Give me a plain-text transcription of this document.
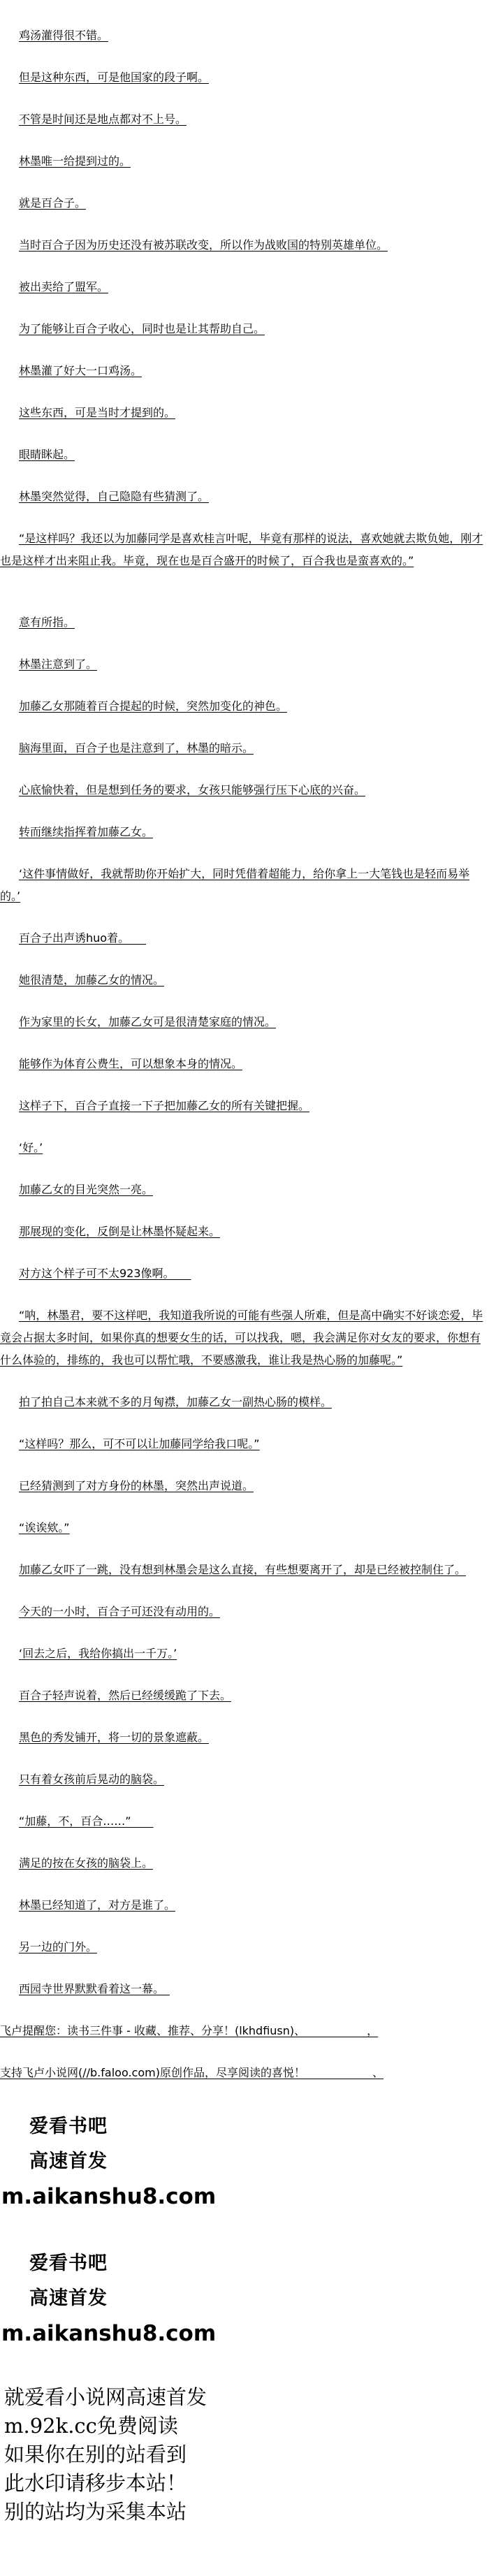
鸡汤灌得很不错。

但是这种东西，可是他国家的段子啊。

不管是时间还是地点都对不上号。

林墨唯一给提到过的。

就是百合子。

当时百合子因为历史还没有被苏联改变，所以作为战败国的特别英雄单位。

被出卖给了盟军。

为了能够让百合子收心，同时也是让其帮助自己。

林墨灌了好大一口鸡汤。

这些东西，可是当时才提到的。

眼睛眯起。

林墨突然觉得，自己隐隐有些猜测了。

“是这样吗？我还以为加藤同学是喜欢桂言叶呢，毕竟有那样的说法，喜欢她就去欺负她，刚才也是这样才出来阻止我。毕竟，现在也是百合盛开的时候了，百合我也是蛮喜欢的。”

意有所指。

林墨注意到了。

加藤乙女那随着百合提起的时候，突然加变化的神色。

脑海里面，百合子也是注意到了，林墨的暗示。

心底愉快着，但是想到任务的要求，女孩只能够强行压下心底的兴奋。

转而继续指挥着加藤乙女。

‘这件事情做好，我就帮助你开始扩大，同时凭借着超能力，给你拿上一大笔钱也是轻而易举的。’

百合子出声诱huo着。　　

她很清楚，加藤乙女的情况。

作为家里的长女，加藤乙女可是很清楚家庭的情况。

能够作为体育公费生，可以想象本身的情况。

这样子下，百合子直接一下子把加藤乙女的所有关键把握。

‘好。’

加藤乙女的目光突然一亮。

那展现的变化，反倒是让林墨怀疑起来。

对方这个样子可不太923像啊。　　

“呐，林墨君，要不这样吧，我知道我所说的可能有些强人所难，但是高中确实不好谈恋爱，毕竟会占据太多时间，如果你真的想要女生的话，可以找我，嗯，我会满足你对女友的要求，你想有什么体验的，排练的，我也可以帮忙哦，不要感激我，谁让我是热心肠的加藤呢。”

拍了拍自己本来就不多的月匈襟，加藤乙女一副热心肠的模样。

“这样吗？那么，可不可以让加藤同学给我口呢。”

已经猜测到了对方身份的林墨，突然出声说道。

“诶诶欸。”

加藤乙女吓了一跳，没有想到林墨会是这么直接，有些想要离开了，却是已经被控制住了。

今天的一小时，百合子可还没有动用的。

‘回去之后，我给你搞出一千万。’

百合子轻声说着，然后已经缓缓跪了下去。

黑色的秀发铺开，将一切的景象遮蔽。

只有着女孩前后晃动的脑袋。

“加藤，不，百合……”　　

满足的按在女孩的脑袋上。

林墨已经知道了，对方是谁了。

另一边的门外。

西园寺世界默默看着这一幕。　

飞卢提醒您：读书三件事 - 收藏、推荐、分享！(lkhdfiusn)、　　　　　　，

支持飞卢小说网(//b.faloo.com)原创作品，尽享阅读的喜悦！　　　　　　、

爱看书吧
高速首发
m.aikanshu8.com
爱看书吧
高速首发
m.aikanshu8.com
就爱看小说网高速首发
m.92k.cc免费阅读
如果你在别的站看到
此水印请移步本站！
别的站均为采集本站
